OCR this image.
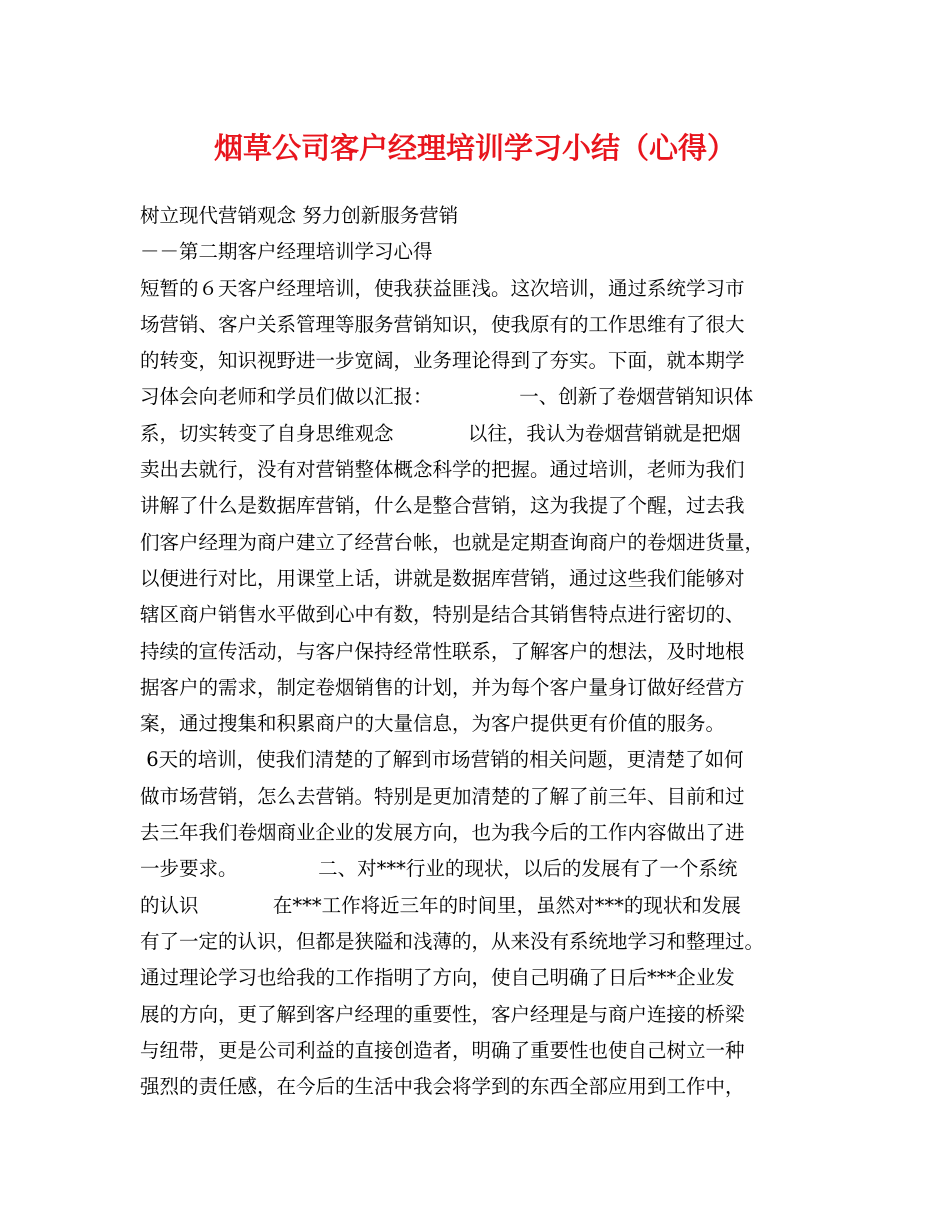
烟草公司客户经理培训学习小结（心得）
树立现代营销观念 努力创新服务营销
－－第二期客户经理培训学习心得
短暂的６天客户经理培训，使我获益匪浅。这次培训，通过系统学习市
场营销、客户关系管理等服务营销知识，使我原有的工作思维有了很大
的转变，知识视野进一步宽阔，业务理论得到了夯实。下面，就本期学
习体会向老师和学员们做以汇报：              一、创新了卷烟营销知识体
系，切实转变了自身思维观念            以往，我认为卷烟营销就是把烟
卖出去就行，没有对营销整体概念科学的把握。通过培训，老师为我们
讲解了什么是数据库营销，什么是整合营销，这为我提了个醒，过去我
们客户经理为商户建立了经营台帐，也就是定期查询商户的卷烟进货量，
以便进行对比，用课堂上话，讲就是数据库营销，通过这些我们能够对
辖区商户销售水平做到心中有数，特别是结合其销售特点进行密切的、
持续的宣传活动，与客户保持经常性联系，了解客户的想法，及时地根
据客户的需求，制定卷烟销售的计划，并为每个客户量身订做好经营方
案，通过搜集和积累商户的大量信息，为客户提供更有价值的服务。
6天的培训，使我们清楚的了解到市场营销的相关问题，更清楚了如何
做市场营销，怎么去营销。特别是更加清楚的了解了前三年、目前和过
去三年我们卷烟商业企业的发展方向，也为我今后的工作内容做出了进
一步要求。             二、对***行业的现状，以后的发展有了一个系统
的认识            在***工作将近三年的时间里，虽然对***的现状和发展
有了一定的认识，但都是狭隘和浅薄的，从来没有系统地学习和整理过。
通过理论学习也给我的工作指明了方向，使自己明确了日后***企业发
展的方向，更了解到客户经理的重要性，客户经理是与商户连接的桥梁
与纽带，更是公司利益的直接创造者，明确了重要性也使自己树立一种
强烈的责任感，在今后的生活中我会将学到的东西全部应用到工作中，
